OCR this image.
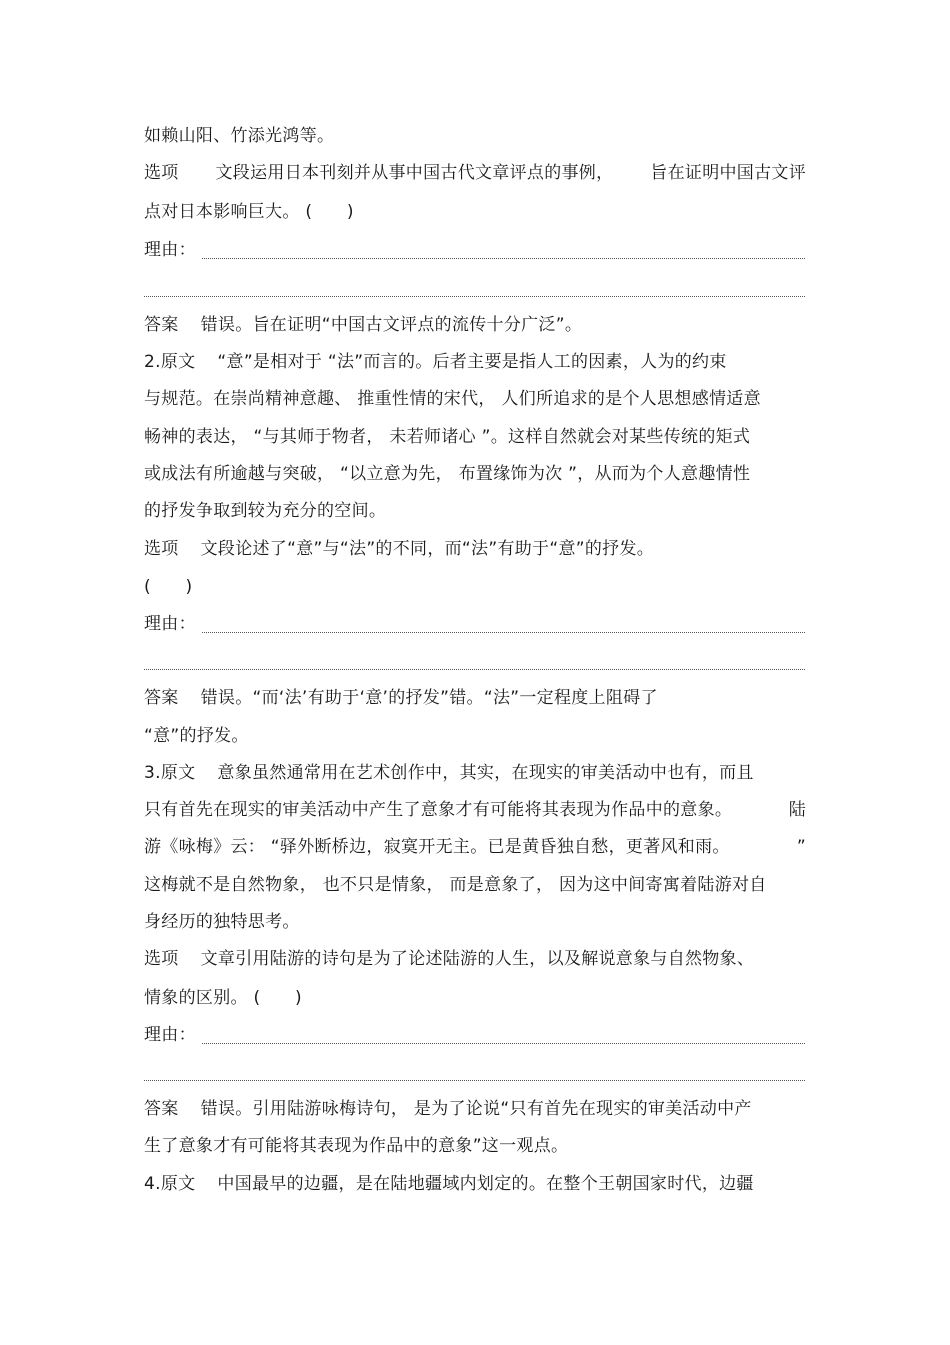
如赖山阳、竹添光鸿等。
选项 文段运用日本刊刻并从事中国古代文章评点的事例， 旨在证明中国古文评
点对日本影响巨大。 (　　)
理由：
答案 错误。旨在证明“中国古文评点的流传十分广泛”。
2.原文 “意”是相对于 “法”而言的。后者主要是指人工的因素，人为的约束
与规范。在崇尚精神意趣、 推重性情的宋代， 人们所追求的是个人思想感情适意
畅神的表达， “与其师于物者， 未若师诸心 ”。这样自然就会对某些传统的矩式
或成法有所逾越与突破， “以立意为先， 布置缘饰为次 ”，从而为个人意趣情性
的抒发争取到较为充分的空间。
选项 文段论述了“意”与“法”的不同，而“法”有助于“意”的抒发。
(　　)
理由：
答案 错误。“而‘法’有助于‘意’的抒发”错。“法”一定程度上阻碍了
“意”的抒发。
3.原文 意象虽然通常用在艺术创作中，其实，在现实的审美活动中也有，而且
只有首先在现实的审美活动中产生了意象才有可能将其表现为作品中的意象。	陆
游《咏梅》云： “驿外断桥边，寂寞开无主。已是黄昏独自愁，更著风和雨。	”
这梅就不是自然物象， 也不只是情象， 而是意象了， 因为这中间寄寓着陆游对自
身经历的独特思考。
选项 文章引用陆游的诗句是为了论述陆游的人生，以及解说意象与自然物象、
情象的区别。 (　　)
理由：
答案 错误。引用陆游咏梅诗句， 是为了论说“只有首先在现实的审美活动中产
生了意象才有可能将其表现为作品中的意象”这一观点。
4.原文 中国最早的边疆，是在陆地疆域内划定的。在整个王朝国家时代，边疆
